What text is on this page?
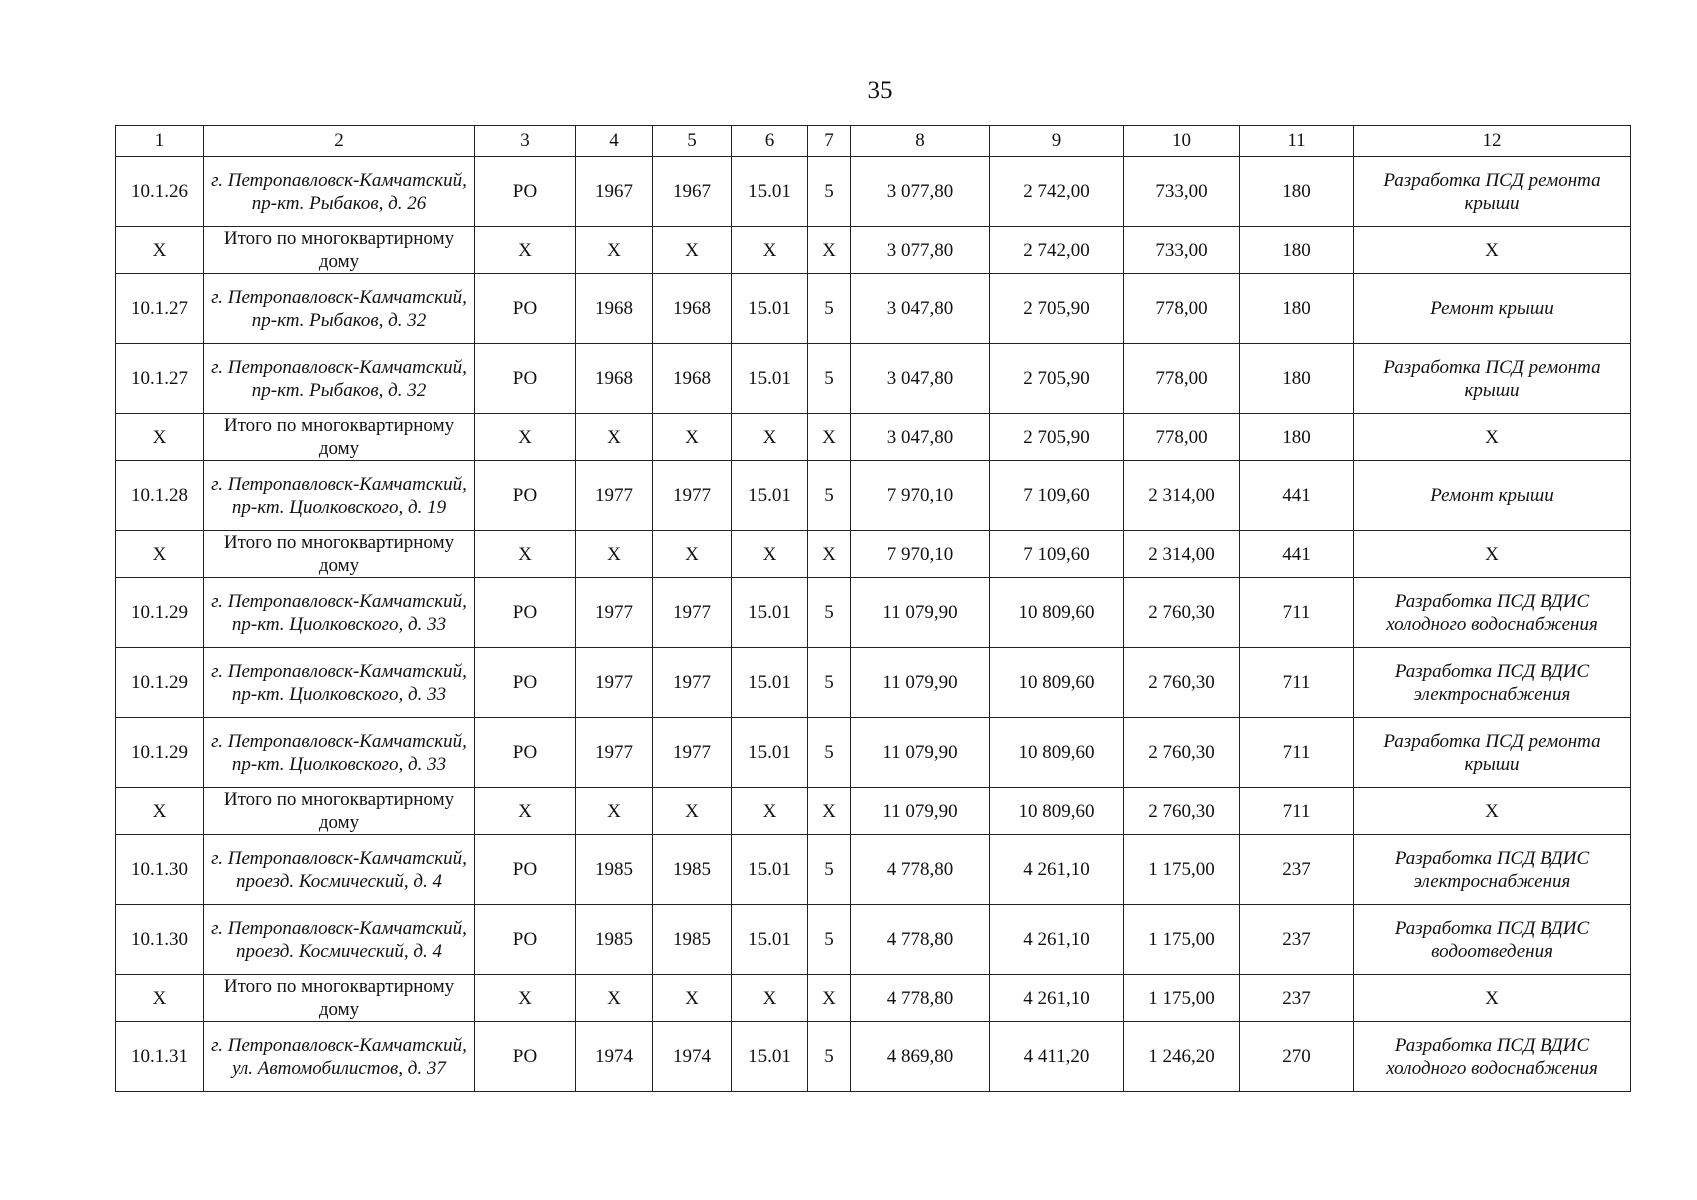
35
1	2	3	4	5	6	7	8	9	10	11	12
10.1.26	г. Петропавловск-Камчатский, пр-кт. Рыбаков, д. 26	РО	1967	1967	15.01	5	3 077,80	2 742,00	733,00	180	Разработка ПСД ремонта крыши
X	Итого по многоквартирному дому	X	X	X	X	X	3 077,80	2 742,00	733,00	180	X
10.1.27	г. Петропавловск-Камчатский, пр-кт. Рыбаков, д. 32	РО	1968	1968	15.01	5	3 047,80	2 705,90	778,00	180	Ремонт крыши
10.1.27	г. Петропавловск-Камчатский, пр-кт. Рыбаков, д. 32	РО	1968	1968	15.01	5	3 047,80	2 705,90	778,00	180	Разработка ПСД ремонта крыши
X	Итого по многоквартирному дому	X	X	X	X	X	3 047,80	2 705,90	778,00	180	X
10.1.28	г. Петропавловск-Камчатский, пр-кт. Циолковского, д. 19	РО	1977	1977	15.01	5	7 970,10	7 109,60	2 314,00	441	Ремонт крыши
X	Итого по многоквартирному дому	X	X	X	X	X	7 970,10	7 109,60	2 314,00	441	X
10.1.29	г. Петропавловск-Камчатский, пр-кт. Циолковского, д. 33	РО	1977	1977	15.01	5	11 079,90	10 809,60	2 760,30	711	Разработка ПСД ВДИС холодного водоснабжения
10.1.29	г. Петропавловск-Камчатский, пр-кт. Циолковского, д. 33	РО	1977	1977	15.01	5	11 079,90	10 809,60	2 760,30	711	Разработка ПСД ВДИС электроснабжения
10.1.29	г. Петропавловск-Камчатский, пр-кт. Циолковского, д. 33	РО	1977	1977	15.01	5	11 079,90	10 809,60	2 760,30	711	Разработка ПСД ремонта крыши
X	Итого по многоквартирному дому	X	X	X	X	X	11 079,90	10 809,60	2 760,30	711	X
10.1.30	г. Петропавловск-Камчатский, проезд. Космический, д. 4	РО	1985	1985	15.01	5	4 778,80	4 261,10	1 175,00	237	Разработка ПСД ВДИС электроснабжения
10.1.30	г. Петропавловск-Камчатский, проезд. Космический, д. 4	РО	1985	1985	15.01	5	4 778,80	4 261,10	1 175,00	237	Разработка ПСД ВДИС водоотведения
X	Итого по многоквартирному дому	X	X	X	X	X	4 778,80	4 261,10	1 175,00	237	X
10.1.31	г. Петропавловск-Камчатский, ул. Автомобилистов, д. 37	РО	1974	1974	15.01	5	4 869,80	4 411,20	1 246,20	270	Разработка ПСД ВДИС холодного водоснабжения
